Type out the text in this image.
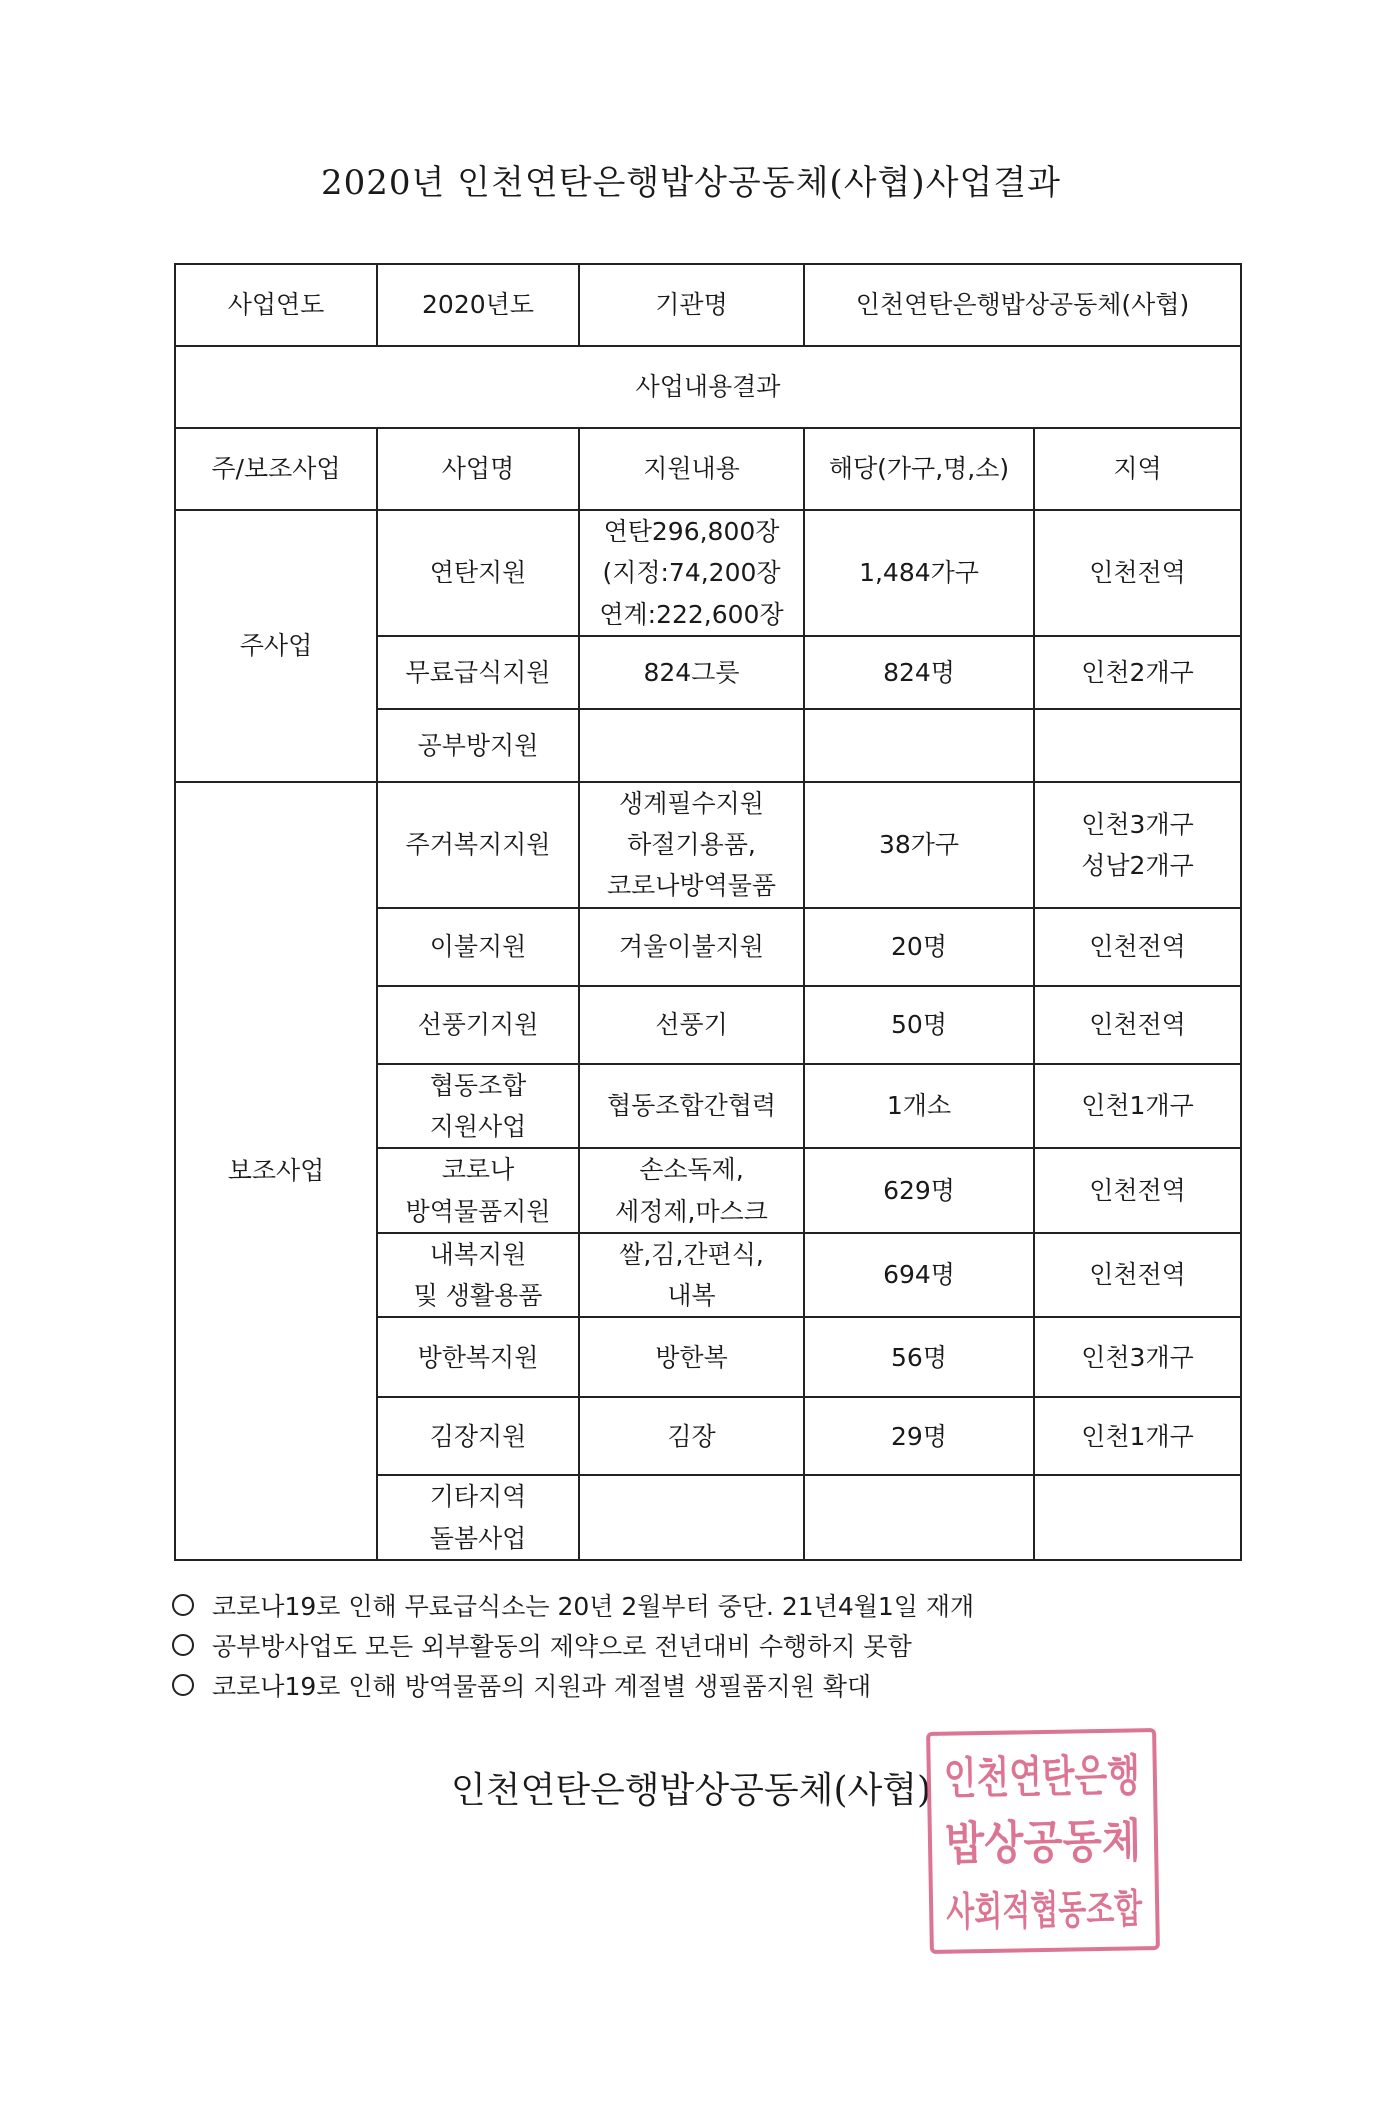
2020년 인천연탄은행밥상공동체(사협)사업결과
사업연도	2020년도	기관명	인천연탄은행밥상공동체(사협)	
사업내용결과				
주/보조사업	사업명	지원내용	해당(가구,명,소)	지역
주사업	연탄지원	연탄296,800장
(지정:74,200장
연계:222,600장	1,484가구	인천전역

	무료급식지원	824그릇	824명	인천2개구

	공부방지원			

보조사업	주거복지지원	생계필수지원
하절기용품,
코로나방역물품	38가구	인천3개구
성남2개구

	이불지원	겨울이불지원	20명	인천전역

	선풍기지원	선풍기	50명	인천전역

	협동조합
지원사업	협동조합간협력	1개소	인천1개구

	코로나
방역물품지원	손소독제,
세정제,마스크	629명	인천전역

	내복지원
및 생활용품	쌀,김,간편식,
내복	694명	인천전역

	방한복지원	방한복	56명	인천3개구

	김장지원	김장	29명	인천1개구

	기타지역
돌봄사업			

코로나19로 인해 무료급식소는 20년 2월부터 중단. 21년4월1일 재개
공부방사업도 모든 외부활동의 제약으로 전년대비 수행하지 못함
코로나19로 인해 방역물품의 지원과 계절별 생필품지원 확대
인천연탄은행밥상공동체(사협) 인천연탄은행
밥상공동체
사회적협동조합
